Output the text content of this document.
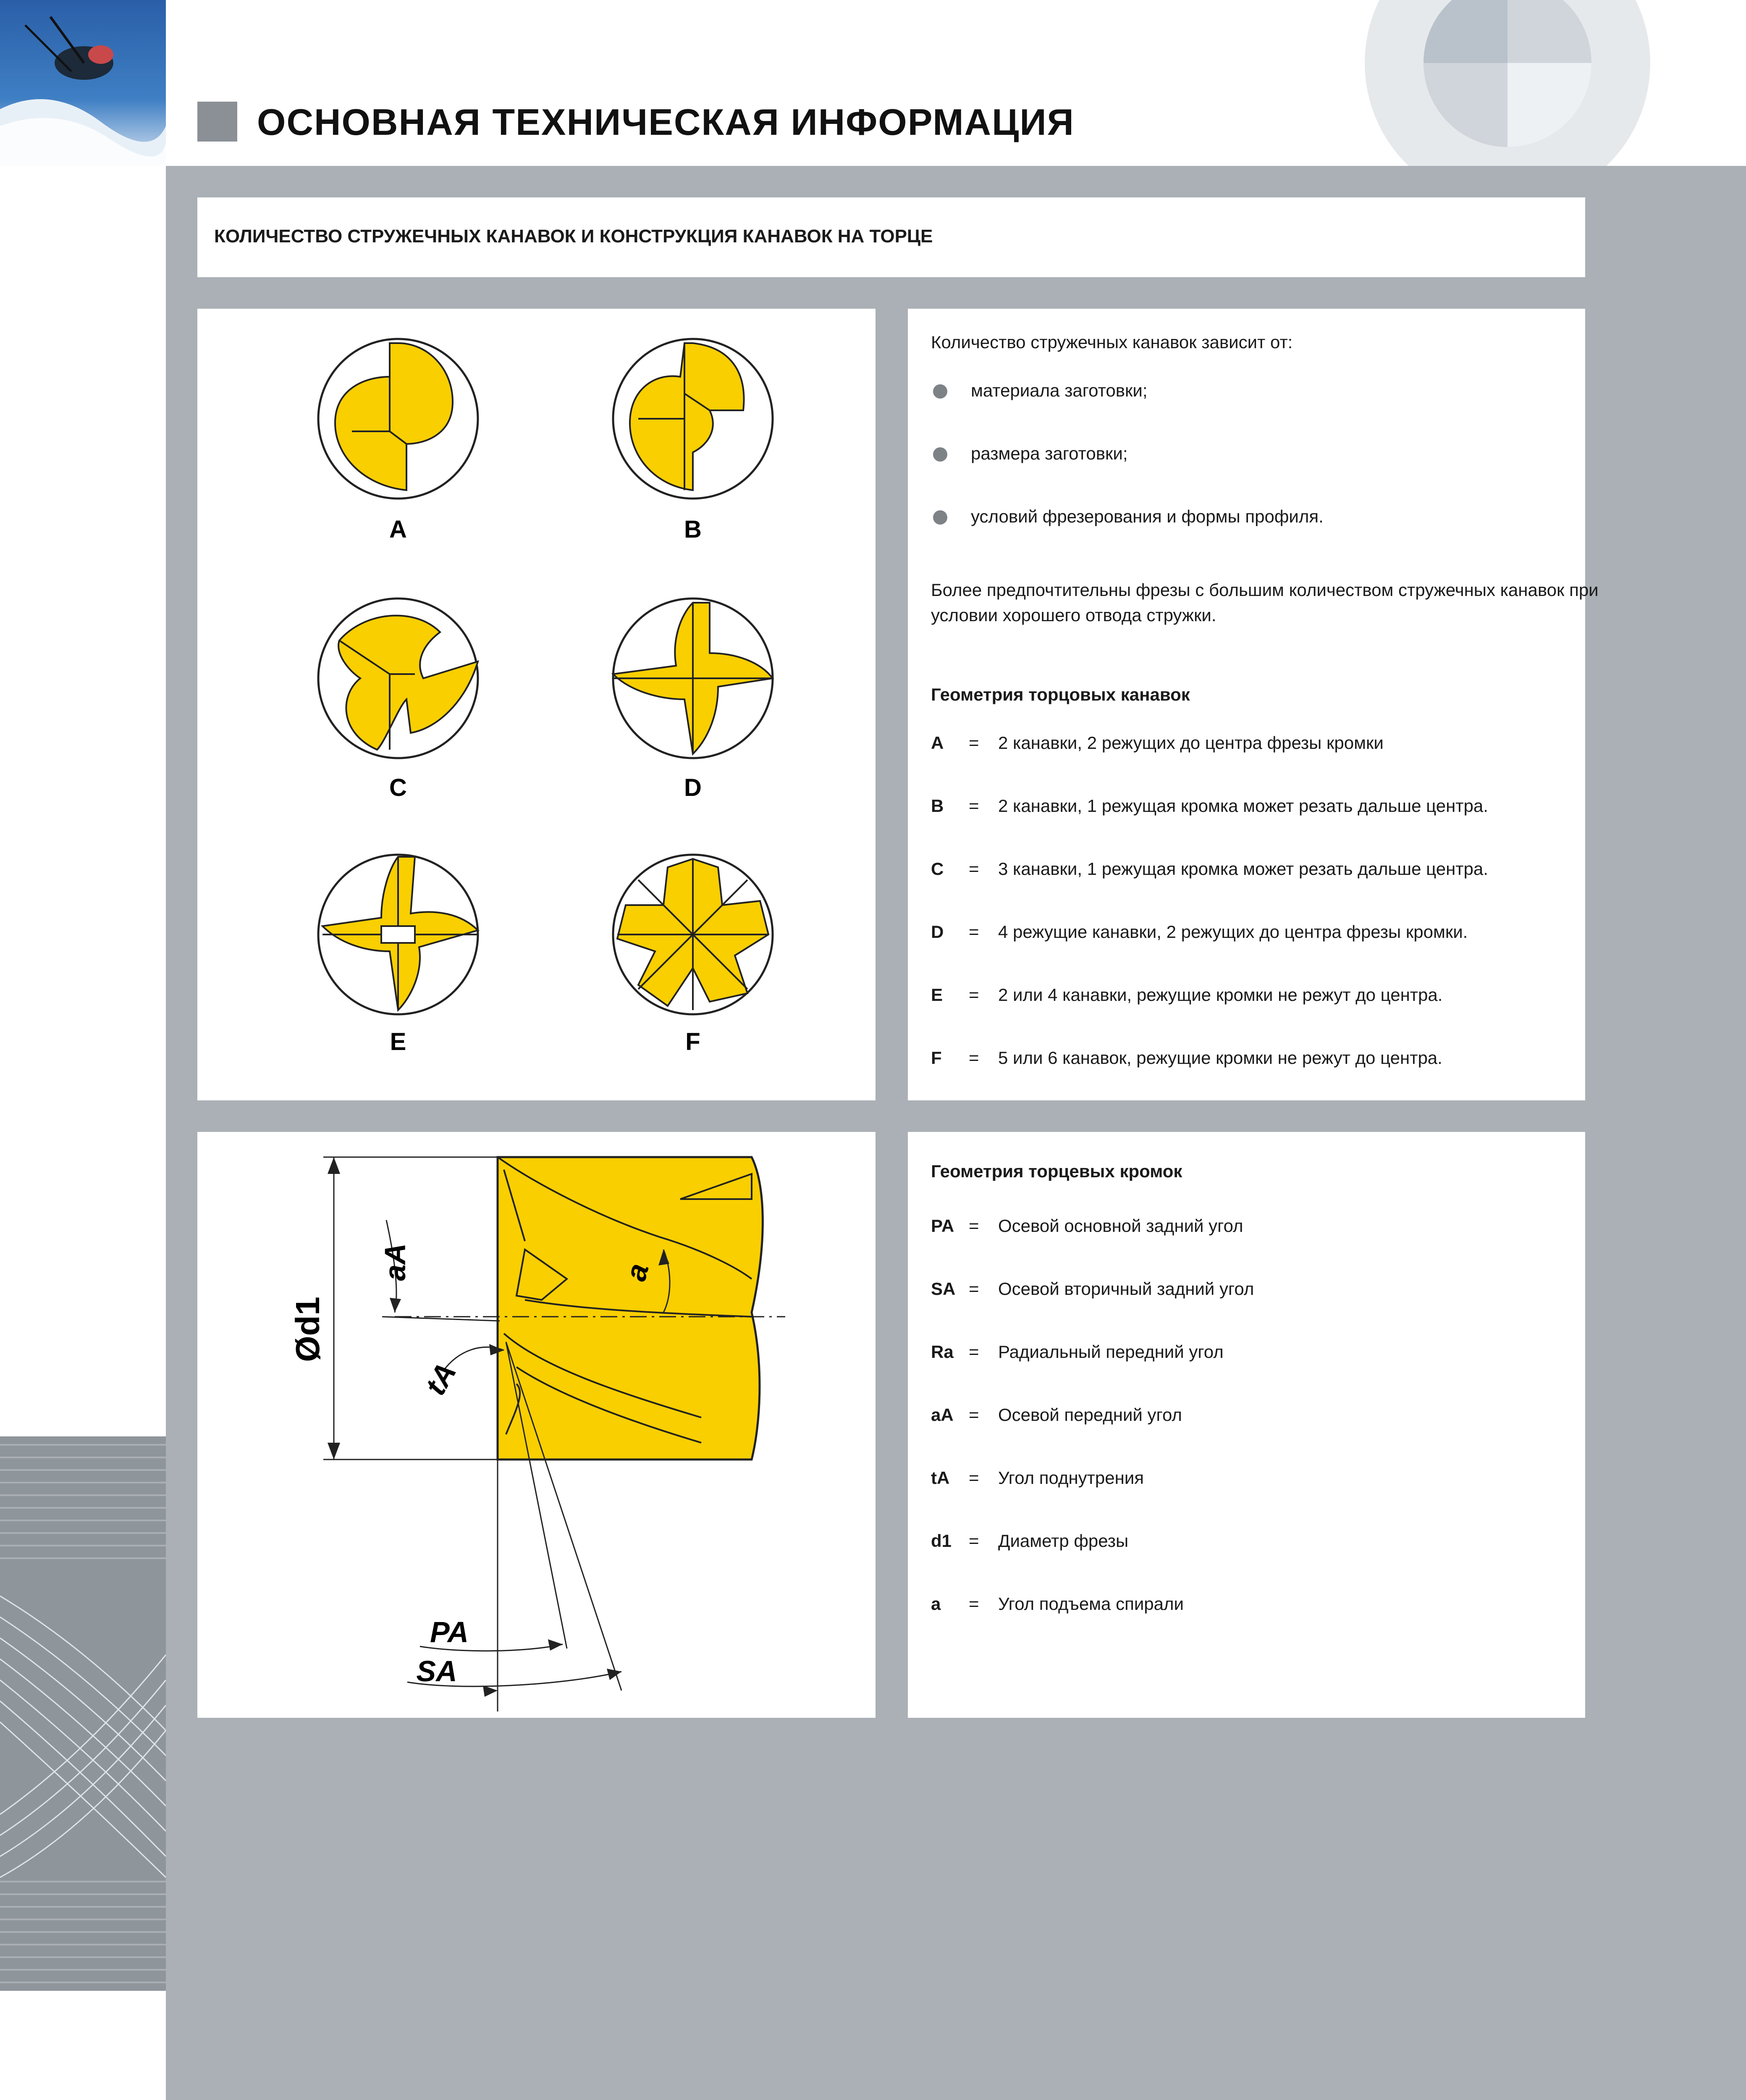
ОСНОВНАЯ ТЕХНИЧЕСКАЯ ИНФОРМАЦИЯ
КОЛИЧЕСТВО СТРУЖЕЧНЫХ КАНАВОК И КОНСТРУКЦИЯ КАНАВОК НА ТОРЦЕ
A	B
C	D
E	F
Количество стружечных канавок зависит от:
материала заготовки;
размера заготовки;
условий фрезерования и формы профиля.
Более предпочтительны фрезы с большим количеством стружечных канавок при
условии хорошего отвода стружки.
Геометрия торцовых канавок
A	=	2 канавки, 2 режущих до центра фрезы кромки
B	=	2 канавки, 1 режущая кромка может резать дальше центра.
C	=	3 канавки, 1 режущая кромка может резать дальше центра.
D	=	4 режущие канавки, 2 режущих до центра фрезы кромки.
E	=	2 или 4 канавки, режущие кромки не режут до центра.
F	=	5 или 6 канавок, режущие кромки не режут до центра.
Ød1
aA	a
tA
PA
SA
Геометрия торцевых кромок
PA =	Осевой основной задний угол
SA =	Осевой вторичный задний угол
Ra =	Радиальный передний угол
aA =	Осевой передний угол
tA	=	Угол поднутрения
d1 =	Диаметр фрезы
a	=	Угол подъема спирали
